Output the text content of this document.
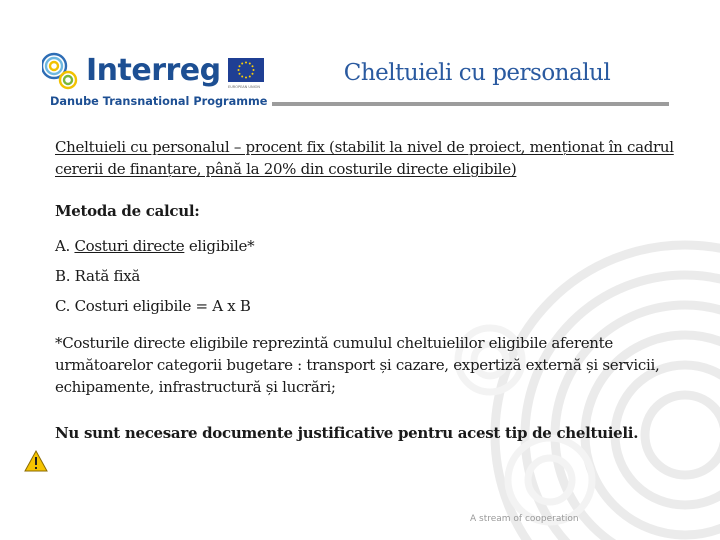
Interreg EUROPEAN UNION
Danube Transnational Programme
Cheltuieli cu personalul
Cheltuieli cu personalul – procent fix (stabilit la nivel de proiect, menționat în cadrul cererii de finanțare, până la 20% din costurile directe eligibile)
Metoda de calcul:
A. Costuri directe eligibile*
B. Rată fixă
C. Costuri eligibile = A x B
*Costurile directe eligibile reprezintă cumulul cheltuielilor eligibile aferente următoarelor categorii bugetare : transport și cazare, expertiză externă și servicii, echipamente, infrastructură și lucrări;
Nu sunt necesare documente justificative pentru acest tip de cheltuieli.
A stream of cooperation
